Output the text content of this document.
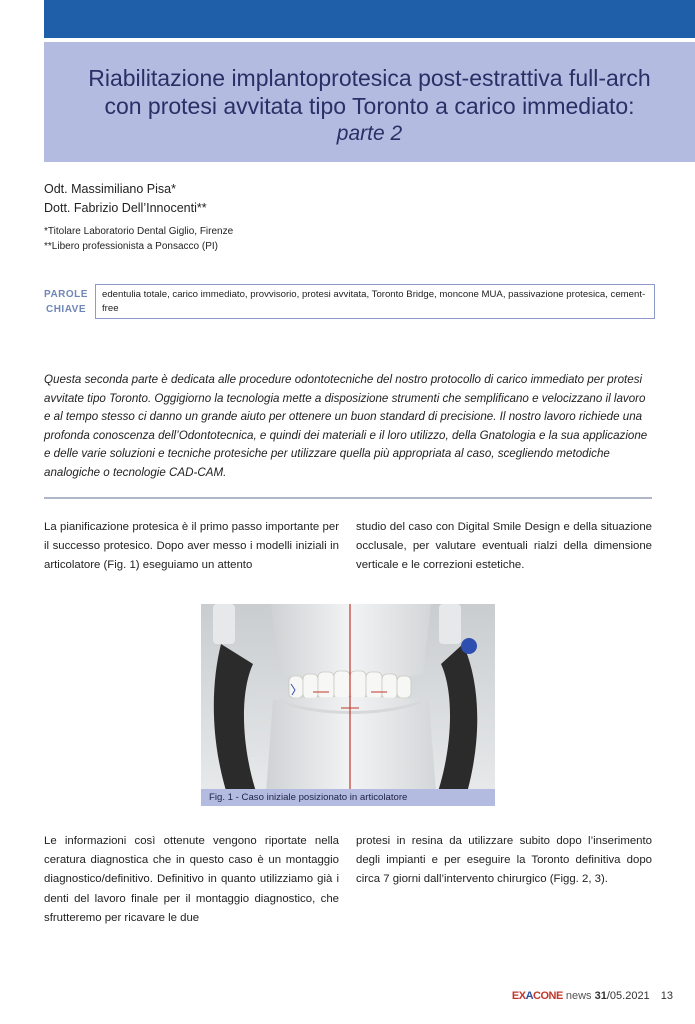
Riabilitazione implantoprotesica post-estrattiva full-arch
con protesi avvitata tipo Toronto a carico immediato:
parte 2
Odt. Massimiliano Pisa*
Dott. Fabrizio Dell’Innocenti**
*Titolare Laboratorio Dental Giglio, Firenze
**Libero professionista a Ponsacco (PI)
PAROLE
CHIAVE
edentulia totale, carico immediato, provvisorio, protesi avvitata, Toronto Bridge, moncone MUA, passivazione protesica, cement-free
Questa seconda parte è dedicata alle procedure odontotecniche del nostro protocollo di carico immediato per protesi avvitate tipo Toronto. Oggigiorno la tecnologia mette a disposizione strumenti che semplificano e velocizzano il lavoro e al tempo stesso ci danno un grande aiuto per ottenere un buon standard di precisione. Il nostro lavoro richiede una profonda conoscenza dell’Odontotecnica, e quindi dei materiali e il loro utilizzo, della Gnatologia e la sua applicazione e delle varie soluzioni e tecniche protesiche per utilizzare quella più appropriata al caso, scegliendo metodiche analogiche o tecnologie CAD-CAM.
La pianificazione protesica è il primo passo importante per il successo protesico. Dopo aver messo i modelli iniziali in articolatore (Fig. 1) eseguiamo un attento
studio del caso con Digital Smile Design e della situazione occlusale, per valutare eventuali rialzi della dimensione verticale e le correzioni estetiche.
Fig. 1 - Caso iniziale posizionato in articolatore
Le informazioni così ottenute vengono riportate nella ceratura diagnostica che in questo caso è un montaggio diagnostico/definitivo. Definitivo in quanto utilizziamo già i denti del lavoro finale per il montaggio diagnostico, che sfrutteremo per ricavare le due
protesi in resina da utilizzare subito dopo l’inserimento degli impianti e per eseguire la Toronto definitiva dopo circa 7 giorni dall’intervento chirurgico (Figg. 2, 3).
EXACONE news 31/05.2021 13
